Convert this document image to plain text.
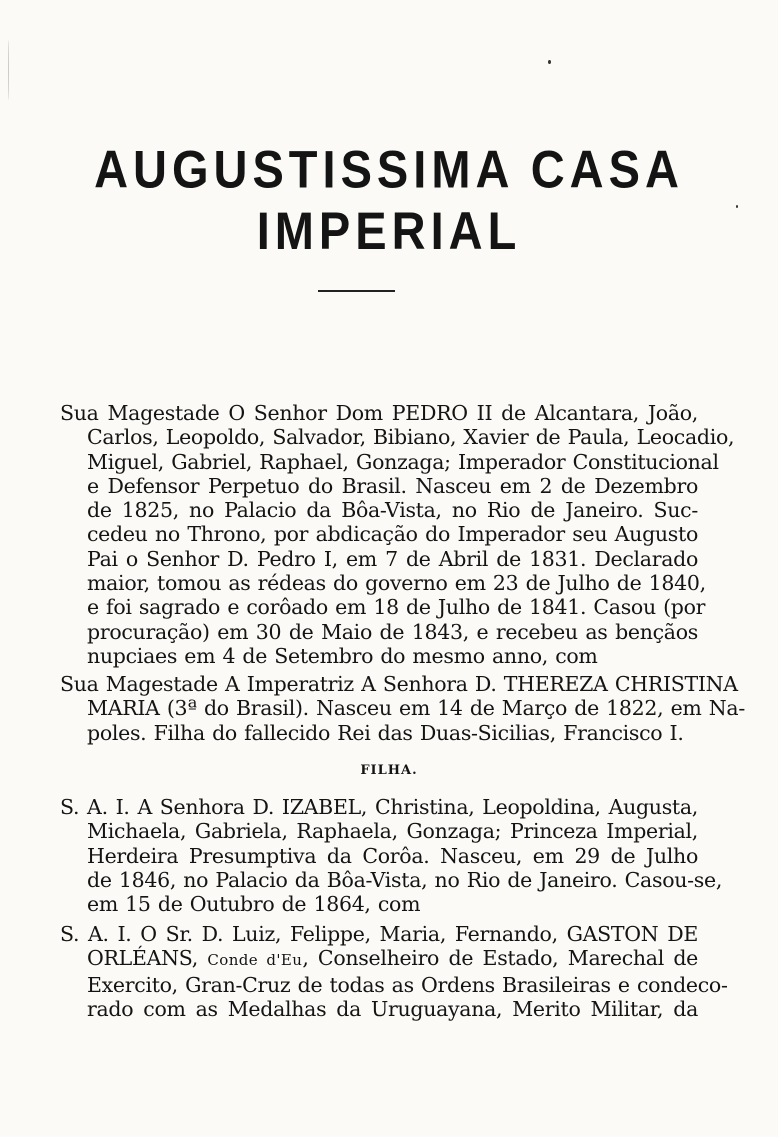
AUGUSTISSIMA CASA IMPERIAL
Sua Magestade O Senhor Dom PEDRO II de Alcantara, João,
Carlos, Leopoldo, Salvador, Bibiano, Xavier de Paula, Leocadio,
Miguel, Gabriel, Raphael, Gonzaga; Imperador Constitucional
e Defensor Perpetuo do Brasil. Nasceu em 2 de Dezembro
de 1825, no Palacio da Bôa-Vista, no Rio de Janeiro. Suc-
cedeu no Throno, por abdicação do Imperador seu Augusto
Pai o Senhor D. Pedro I, em 7 de Abril de 1831. Declarado
maior, tomou as rédeas do governo em 23 de Julho de 1840,
e foi sagrado e corôado em 18 de Julho de 1841. Casou (por
procuração) em 30 de Maio de 1843, e recebeu as bençãos
nupciaes em 4 de Setembro do mesmo anno, com
Sua Magestade A Imperatriz A Senhora D. THEREZA CHRISTINA
MARIA (3ª do Brasil). Nasceu em 14 de Março de 1822, em Na-
poles. Filha do fallecido Rei das Duas-Sicilias, Francisco I.
FILHA.
S. A. I. A Senhora D. IZABEL, Christina, Leopoldina, Augusta,
Michaela, Gabriela, Raphaela, Gonzaga; Princeza Imperial,
Herdeira Presumptiva da Corôa. Nasceu, em 29 de Julho
de 1846, no Palacio da Bôa-Vista, no Rio de Janeiro. Casou-se,
em 15 de Outubro de 1864, com
S. A. I. O Sr. D. Luiz, Felippe, Maria, Fernando, GASTON DE
ORLÉANS, Conde d'Eu, Conselheiro de Estado, Marechal de
Exercito, Gran-Cruz de todas as Ordens Brasileiras e condeco-
rado com as Medalhas da Uruguayana, Merito Militar, da
